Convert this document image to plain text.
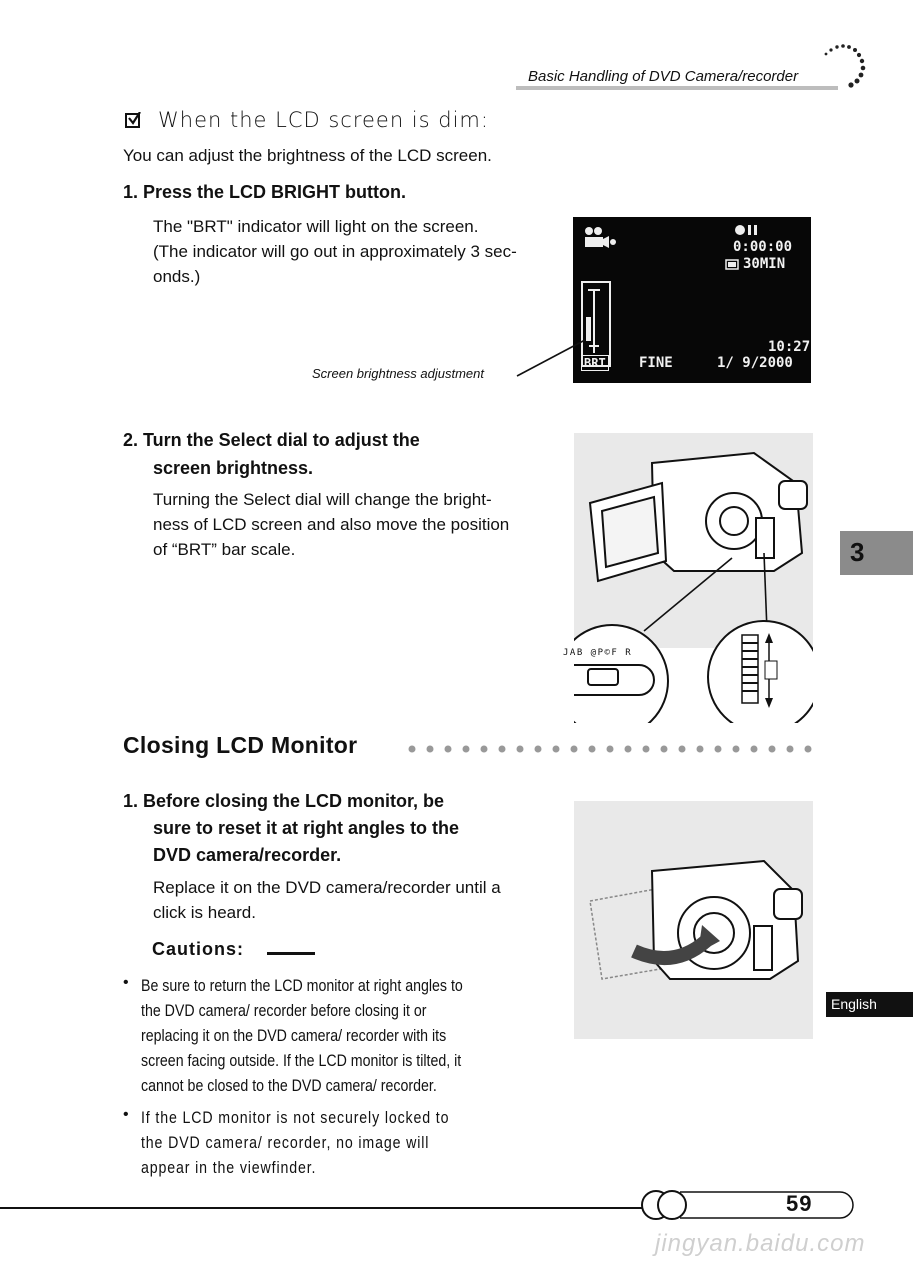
Basic Handling of DVD Camera/recorder
When the LCD screen is dim:
You can adjust the brightness of the LCD screen.
1. Press the LCD BRIGHT button.
The "BRT" indicator will light on the screen.
(The indicator will go out in approximately 3 sec-
onds.)
0:00:00
30MIN
10:27
BRT FINE	1/ 9/2000
Screen brightness adjustment
2. Turn the Select dial to adjust the
screen brightness.
Turning the Select dial will change the bright-
ness of LCD screen and also move the position
of “BRT” bar scale.
JAB @P©F R
Closing LCD Monitor
1. Before closing the LCD monitor, be
sure to reset it at right angles to the
DVD camera/recorder.
Replace it on the DVD camera/recorder until a
click is heard.
Cautions:
• Be sure to return the LCD monitor at right angles to
the DVD camera/ recorder before closing it or
replacing it on the DVD camera/ recorder with its
screen facing outside. If the LCD monitor is tilted, it
cannot be closed to the DVD camera/ recorder.
• If the LCD monitor is not securely locked to
the DVD camera/ recorder, no image will
appear in the viewfinder.
3
English
59
jingyan.baidu.com
